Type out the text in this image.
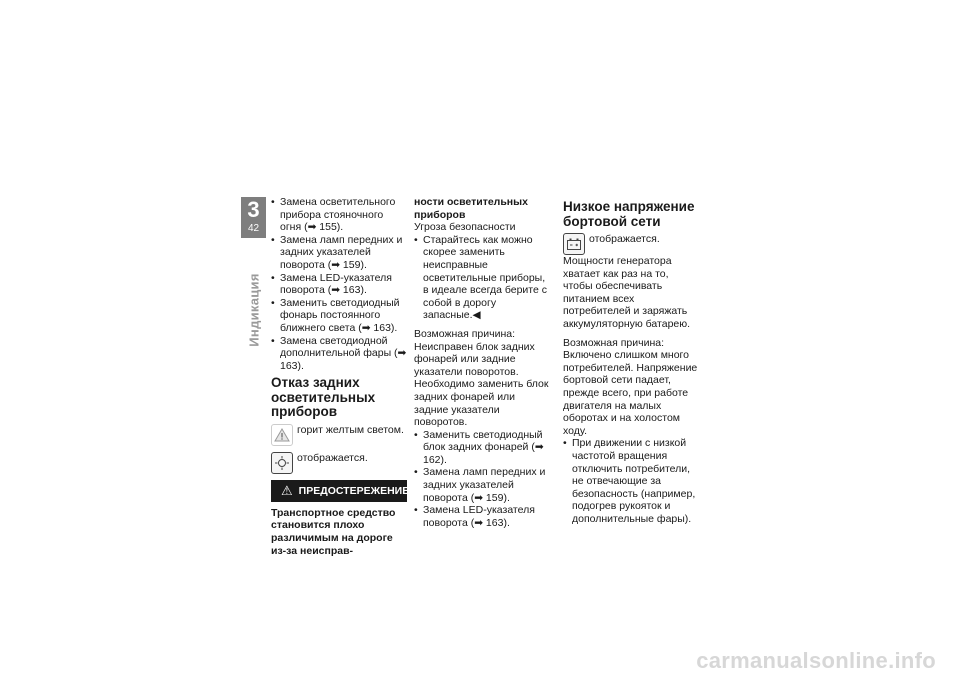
3
42
Индикация

• Замена осветительного прибора стояночного огня (➡ 155).

• Замена ламп передних и задних указателей поворота (➡ 159).

• Замена LED-указателя поворота (➡ 163).

• Заменить светодиодный фонарь постоянного ближнего света (➡ 163).

• Замена светодиодной дополнительной фары (➡ 163).

Отказ задних осветительных приборов
горит желтым светом.
отображается.
⚠ ПРЕДОСТЕРЕЖЕНИЕ

Транспортное средство становится плохо различимым на дороге из-за неисправ-

ности осветительных приборов

Угроза безопасности

• Старайтесь как можно скорее заменить неисправные осветительные приборы, в идеале всегда берите с собой в дорогу запасные.◀

Возможная причина:

Неисправен блок задних фонарей или задние указатели поворотов.

Необходимо заменить блок задних фонарей или задние указатели поворотов.

• Заменить светодиодный блок задних фонарей (➡ 162).

• Замена ламп передних и задних указателей поворота (➡ 159).

• Замена LED-указателя поворота (➡ 163).

Низкое напряжение бортовой сети
отображается.

Мощности генератора хватает как раз на то, чтобы обеспечивать питанием всех потребителей и заряжать аккумуляторную батарею.

Возможная причина:

Включено слишком много потребителей. Напряжение бортовой сети падает, прежде всего, при работе двигателя на малых оборотах и на холостом ходу.

• При движении с низкой частотой вращения отключить потребители, не отвечающие за безопасность (например, подогрев рукояток и дополнительные фары).

carmanualsonline.info
